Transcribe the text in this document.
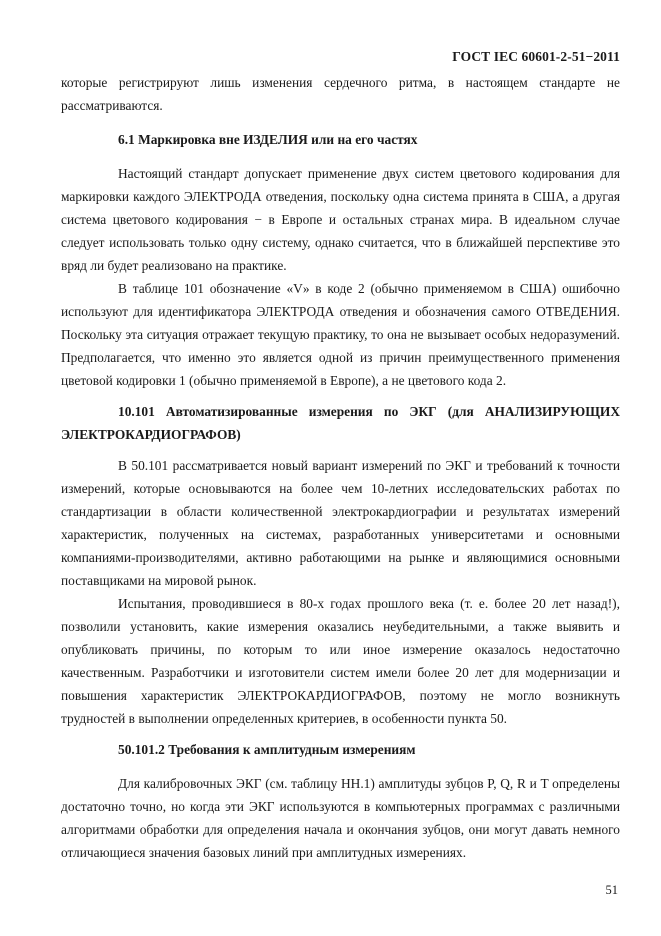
ГОСТ IEC 60601-2-51−2011

которые регистрируют лишь изменения сердечного ритма, в настоящем стандарте не рассматриваются.

6.1 Маркировка вне ИЗДЕЛИЯ или на его частях

Настоящий стандарт допускает применение двух систем цветового кодирования для маркировки каждого ЭЛЕКТРОДА отведения, поскольку одна система принята в США, а другая система цветового кодирования − в Европе и остальных странах мира. В идеальном случае следует использовать только одну систему, однако считается, что в ближайшей перспективе это вряд ли будет реализовано на практике.

В таблице 101 обозначение «V» в коде 2 (обычно применяемом в США) ошибочно используют для идентификатора ЭЛЕКТРОДА отведения и обозначения самого ОТВЕДЕНИЯ. Поскольку эта ситуация отражает текущую практику, то она не вызывает особых недоразумений. Предполагается, что именно это является одной из причин преимущественного применения цветовой кодировки 1 (обычно применяемой в Европе), а не цветового кода 2.

10.101 Автоматизированные измерения по ЭКГ (для АНАЛИЗИРУЮЩИХ ЭЛЕКТРОКАРДИОГРАФОВ)

В 50.101 рассматривается новый вариант измерений по ЭКГ и требований к точности измерений, которые основываются на более чем 10-летних исследовательских работах по стандартизации в области количественной электрокардиографии и результатах измерений характеристик, полученных на системах, разработанных университетами и основными компаниями-производителями, активно работающими на рынке и являющимися основными поставщиками на мировой рынок.

Испытания, проводившиеся в 80-х годах прошлого века (т. е. более 20 лет назад!), позволили установить, какие измерения оказались неубедительными, а также выявить и опубликовать причины, по которым то или иное измерение оказалось недостаточно качественным. Разработчики и изготовители систем имели более 20 лет для модернизации и повышения характеристик ЭЛЕКТРОКАРДИОГРАФОВ, поэтому не могло возникнуть трудностей в выполнении определенных критериев, в особенности пункта 50.

50.101.2 Требования к амплитудным измерениям

Для калибровочных ЭКГ (см. таблицу НН.1) амплитуды зубцов P, Q, R и T определены достаточно точно, но когда эти ЭКГ используются в компьютерных программах с различными алгоритмами обработки для определения начала и окончания зубцов, они могут давать немного отличающиеся значения базовых линий при амплитудных измерениях.

51
